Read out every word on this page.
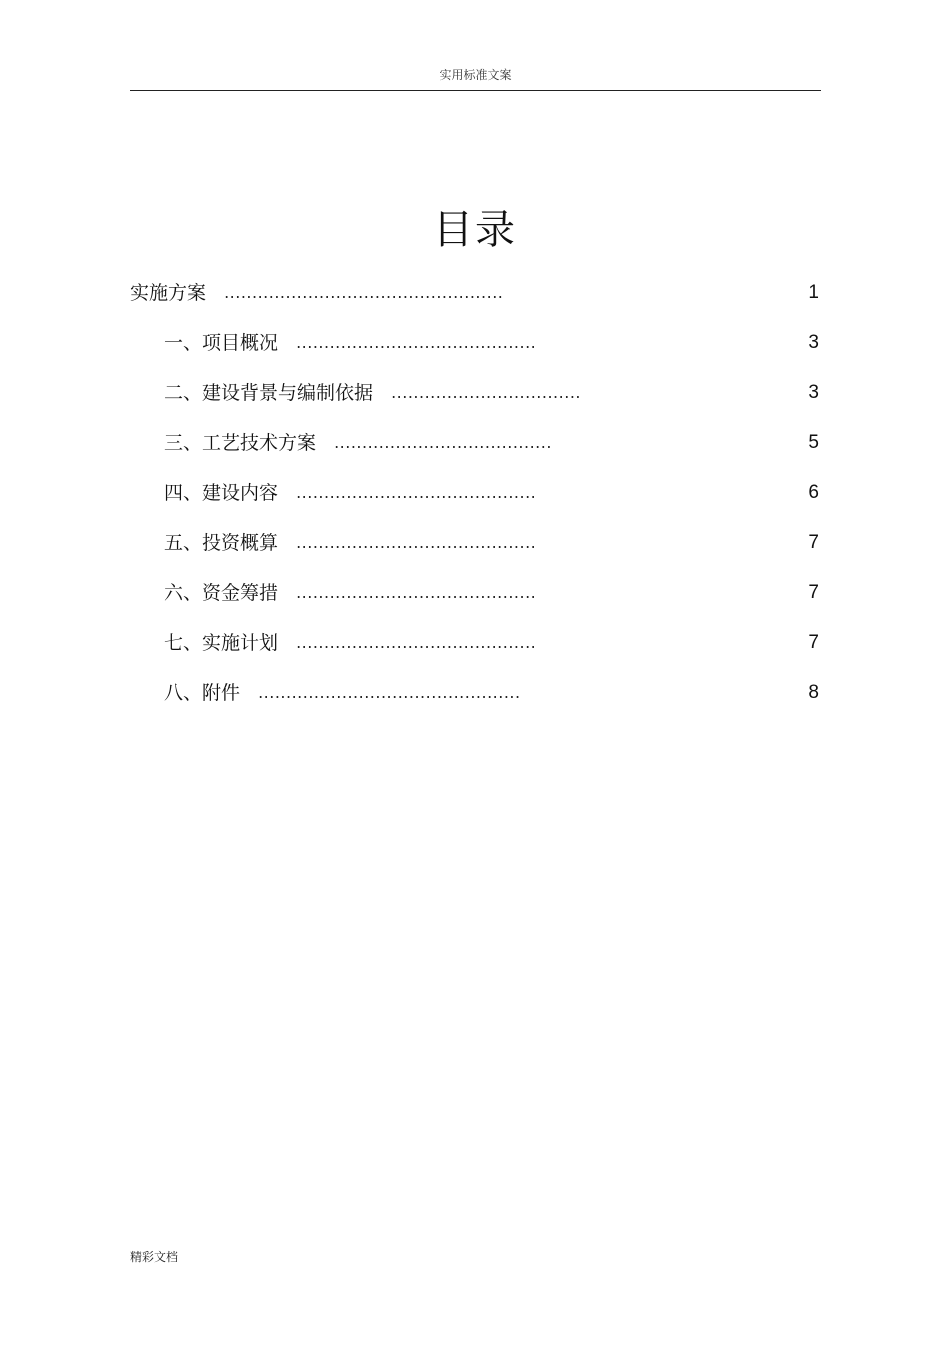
实用标准文案
目录
实施方案 ..................................................	1
一、项目概况 ...........................................	3
二、建设背景与编制依据 ..................................	3
三、工艺技术方案 .......................................	5
四、建设内容 ...........................................	6
五、投资概算 ...........................................	7
六、资金筹措 ...........................................	7
七、实施计划 ...........................................	7
八、附件 ...............................................	8
精彩文档
